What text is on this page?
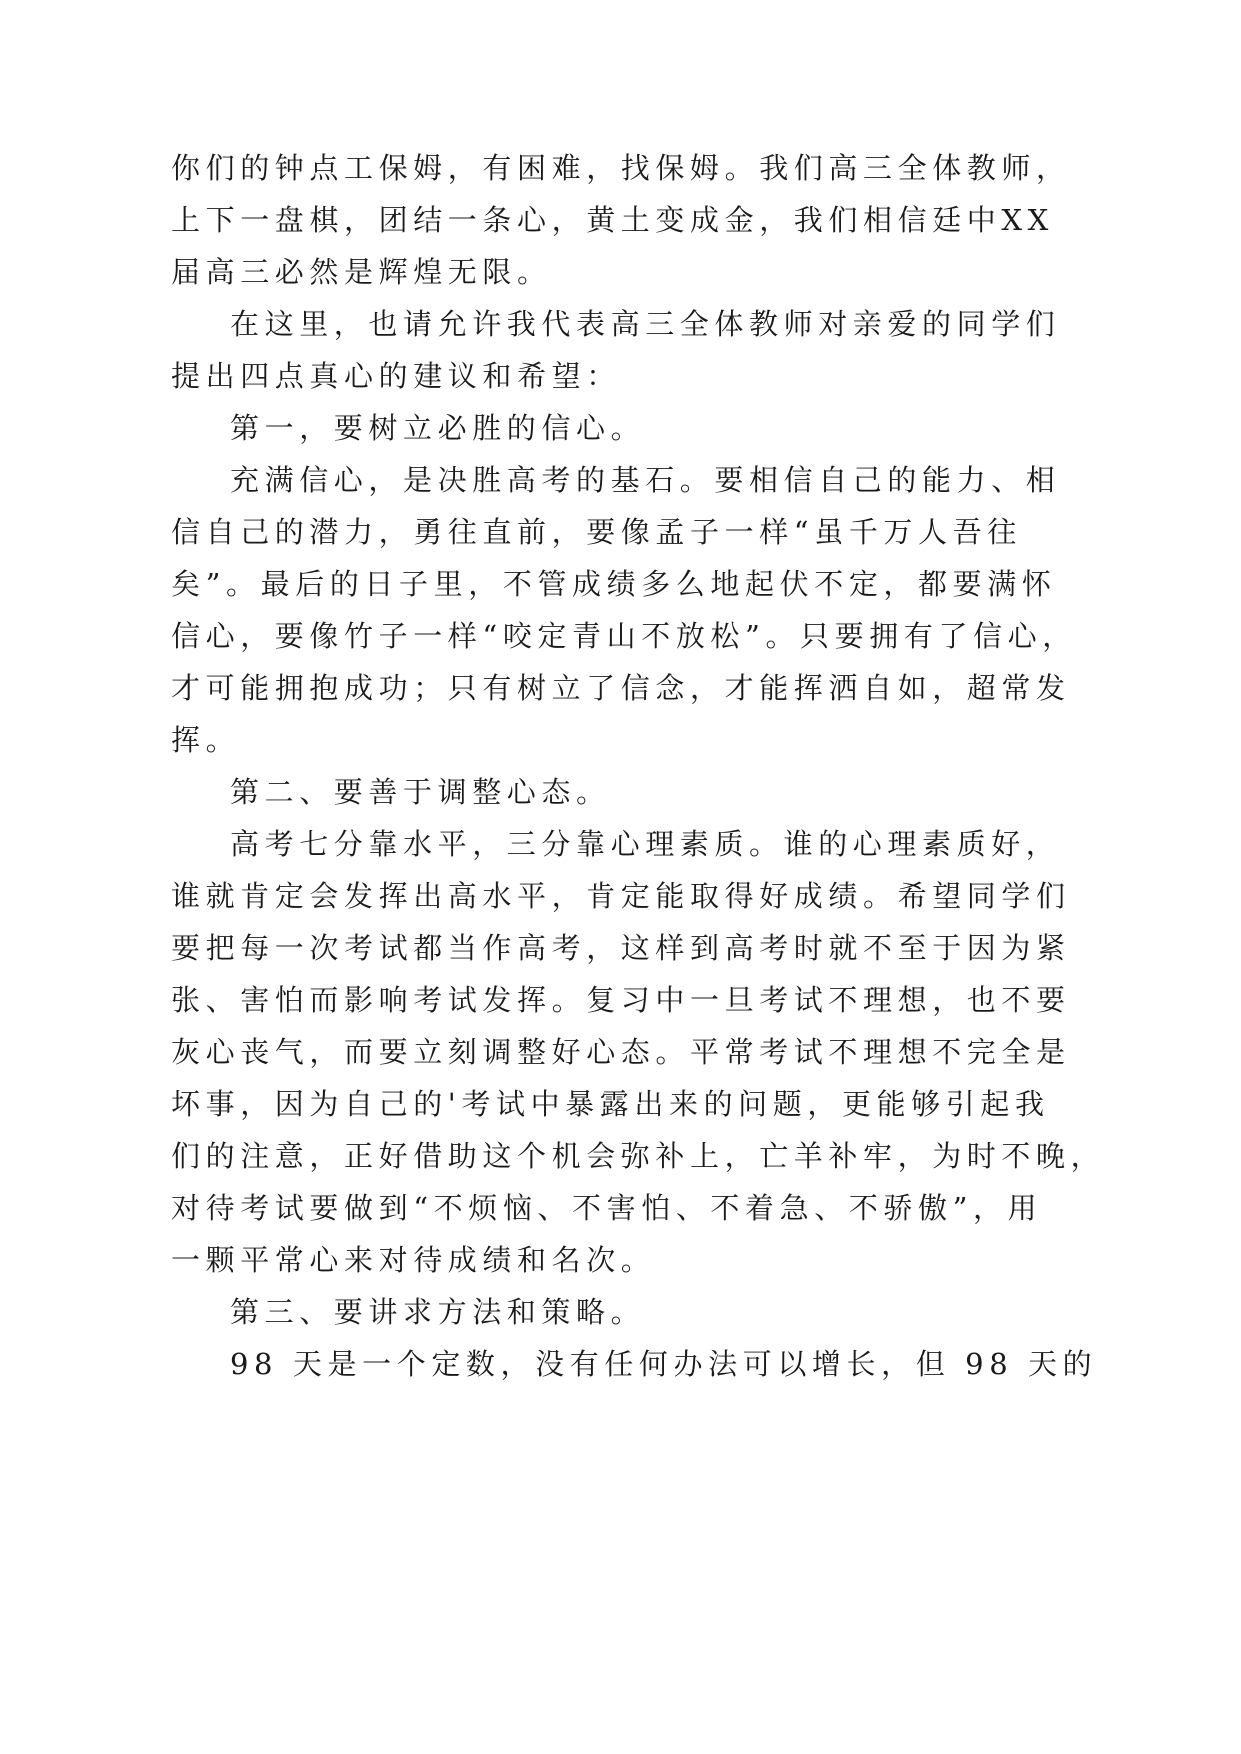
你们的钟点工保姆，有困难，找保姆。我们高三全体教师，
上下一盘棋，团结一条心，黄土变成金，我们相信廷中XX
届高三必然是辉煌无限。
在这里，也请允许我代表高三全体教师对亲爱的同学们
提出四点真心的建议和希望：
第一，要树立必胜的信心。
充满信心，是决胜高考的基石。要相信自己的能力、相
信自己的潜力，勇往直前，要像孟子一样“虽千万人吾往
矣”。最后的日子里，不管成绩多么地起伏不定，都要满怀
信心，要像竹子一样“咬定青山不放松”。只要拥有了信心，
才可能拥抱成功；只有树立了信念，才能挥洒自如，超常发
挥。
第二、要善于调整心态。
高考七分靠水平，三分靠心理素质。谁的心理素质好，
谁就肯定会发挥出高水平，肯定能取得好成绩。希望同学们
要把每一次考试都当作高考，这样到高考时就不至于因为紧
张、害怕而影响考试发挥。复习中一旦考试不理想，也不要
灰心丧气，而要立刻调整好心态。平常考试不理想不完全是
坏事，因为自己的'考试中暴露出来的问题，更能够引起我
们的注意，正好借助这个机会弥补上，亡羊补牢，为时不晚，
对待考试要做到“不烦恼、不害怕、不着急、不骄傲”，用
一颗平常心来对待成绩和名次。
第三、要讲求方法和策略。
98 天是一个定数，没有任何办法可以增长，但 98 天的
